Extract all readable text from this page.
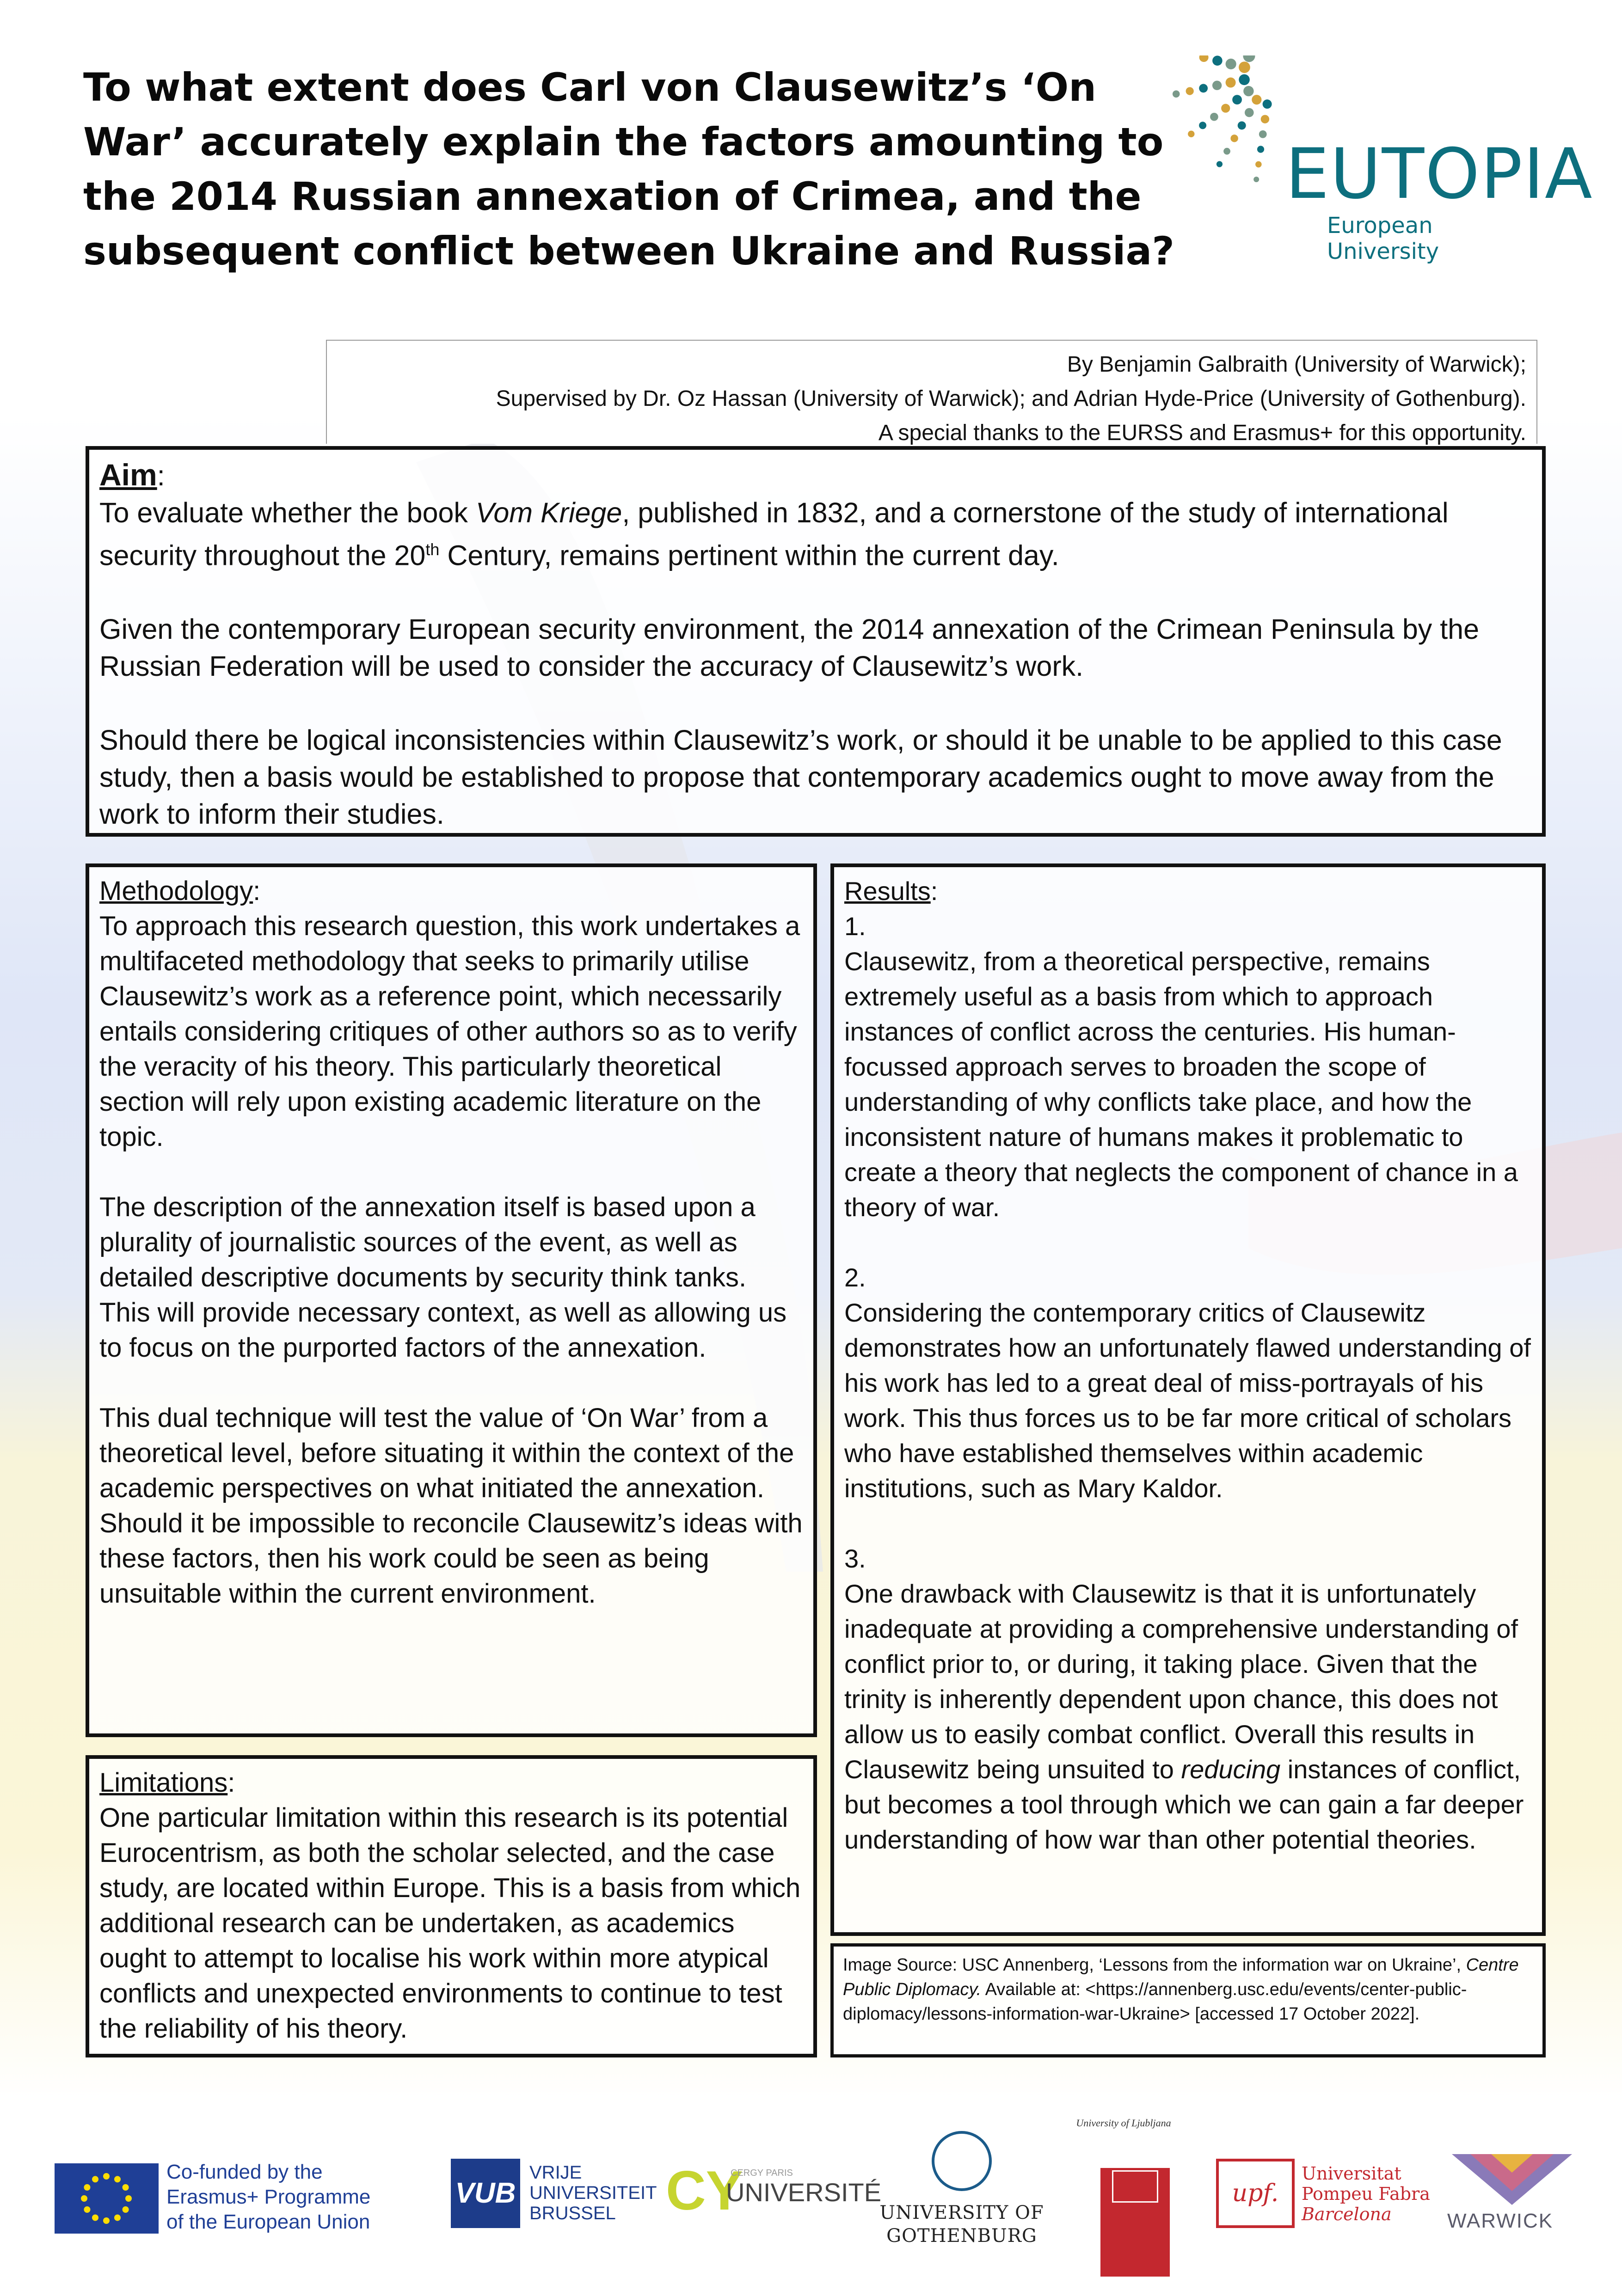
To what extent does Carl von Clausewitz’s ‘On War’ accurately explain the factors amounting to the 2014 Russian annexation of Crimea, and the subsequent conflict between Ukraine and Russia?
EUTOPIA
European University
By Benjamin Galbraith (University of Warwick);
Supervised by Dr. Oz Hassan (University of Warwick); and Adrian Hyde-Price (University of Gothenburg).
A special thanks to the EURSS and Erasmus+ for this opportunity.
Aim:

To evaluate whether the book Vom Kriege, published in 1832, and a cornerstone of the study of international security throughout the 20th Century, remains pertinent within the current day.

Given the contemporary European security environment, the 2014 annexation of the Crimean Peninsula by the Russian Federation will be used to consider the accuracy of Clausewitz’s work.

Should there be logical inconsistencies within Clausewitz’s work, or should it be unable to be applied to this case study, then a basis would be established to propose that contemporary academics ought to move away from the work to inform their studies.

Methodology:

To approach this research question, this work undertakes a multifaceted methodology that seeks to primarily utilise Clausewitz’s work as a reference point, which necessarily entails considering critiques of other authors so as to verify the veracity of his theory. This particularly theoretical section will rely upon existing academic literature on the topic.

The description of the annexation itself is based upon a plurality of journalistic sources of the event, as well as detailed descriptive documents by security think tanks. This will provide necessary context, as well as allowing us to focus on the purported factors of the annexation.

This dual technique will test the value of ‘On War’ from a theoretical level, before situating it within the context of the academic perspectives on what initiated the annexation. Should it be impossible to reconcile Clausewitz’s ideas with these factors, then his work could be seen as being unsuitable within the current environment.

Limitations:

One particular limitation within this research is its potential Eurocentrism, as both the scholar selected, and the case study, are located within Europe. This is a basis from which additional research can be undertaken, as academics ought to attempt to localise his work within more atypical conflicts and unexpected environments to continue to test the reliability of his theory.

Results:

1.

Clausewitz, from a theoretical perspective, remains extremely useful as a basis from which to approach instances of conflict across the centuries. His human-focussed approach serves to broaden the scope of understanding of why conflicts take place, and how the inconsistent nature of humans makes it problematic to create a theory that neglects the component of chance in a theory of war.

2.

Considering the contemporary critics of Clausewitz demonstrates how an unfortunately flawed understanding of his work has led to a great deal of miss-portrayals of his work. This thus forces us to be far more critical of scholars who have established themselves within academic institutions, such as Mary Kaldor.

3.

One drawback with Clausewitz is that it is unfortunately inadequate at providing a comprehensive understanding of conflict prior to, or during, it taking place. Given that the trinity is inherently dependent upon chance, this does not allow us to easily combat conflict. Overall this results in Clausewitz being unsuited to reducing instances of conflict, but becomes a tool through which we can gain a far deeper understanding of how war than other potential theories.

Image Source: USC Annenberg, ‘Lessons from the information war on Ukraine’, Centre Public Diplomacy. Available at: <https://annenberg.usc.edu/events/center-public-diplomacy/lessons-information-war-Ukraine> [accessed 17 October 2022].

Co-funded by the
Erasmus+ Programme
of the European Union
VUB
VRIJE
UNIVERSITEIT
BRUSSEL CY
CERGY PARIS
UNIVERSITÉ
UNIVERSITY OF
GOTHENBURG
University of Ljubljana
upf.
Universitat
Pompeu Fabra
Barcelona	WARWICK
